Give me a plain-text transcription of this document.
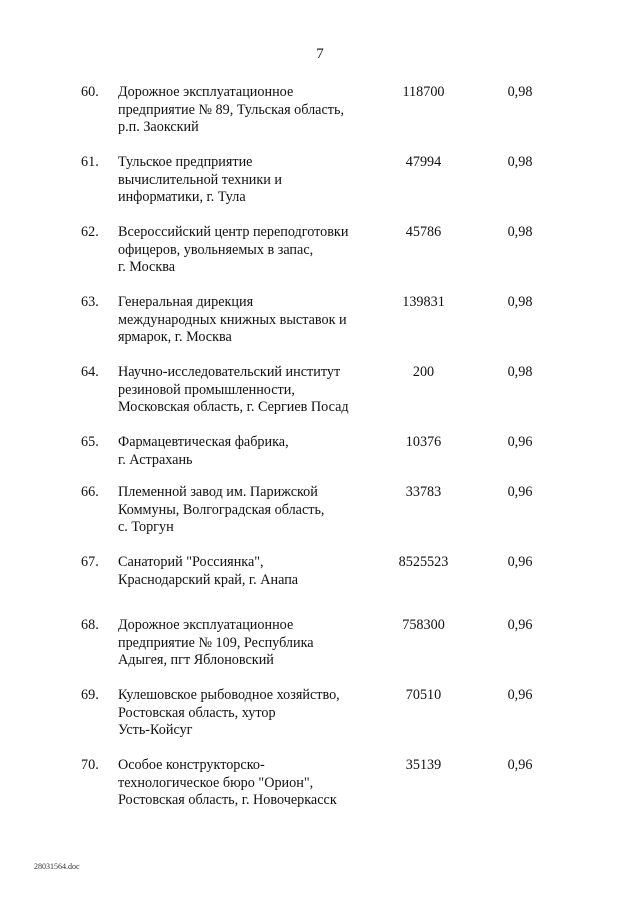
7
60.	Дорожное эксплуатационное
предприятие № 89, Тульская область,
р.п. Заокский
118700	0,98
61.	Тульское предприятие
вычислительной техники и
информатики, г. Тула
47994	0,98
62.	Всероссийский центр переподготовки
офицеров, увольняемых в запас,
г. Москва
45786	0,98
63.	Генеральная дирекция
международных книжных выставок и
ярмарок, г. Москва
139831	0,98
64.	Научно-исследовательский институт
резиновой промышленности,
Московская область, г. Сергиев Посад
200	0,98
65.	Фармацевтическая фабрика,
г. Астрахань
10376	0,96
66.	Племенной завод им. Парижской
Коммуны, Волгоградская область,
с. Торгун
33783	0,96
67.	Санаторий "Россиянка",
Краснодарский край, г. Анапа
8525523	0,96
68.	Дорожное эксплуатационное
предприятие № 109, Республика
Адыгея, пгт Яблоновский
758300	0,96
69.	Кулешовское рыбоводное хозяйство,
Ростовская область, хутор
Усть-Койсуг
70510	0,96
70.	Особое конструкторско-
технологическое бюро "Орион",
Ростовская область, г. Новочеркасск
35139	0,96
28031564.doc
